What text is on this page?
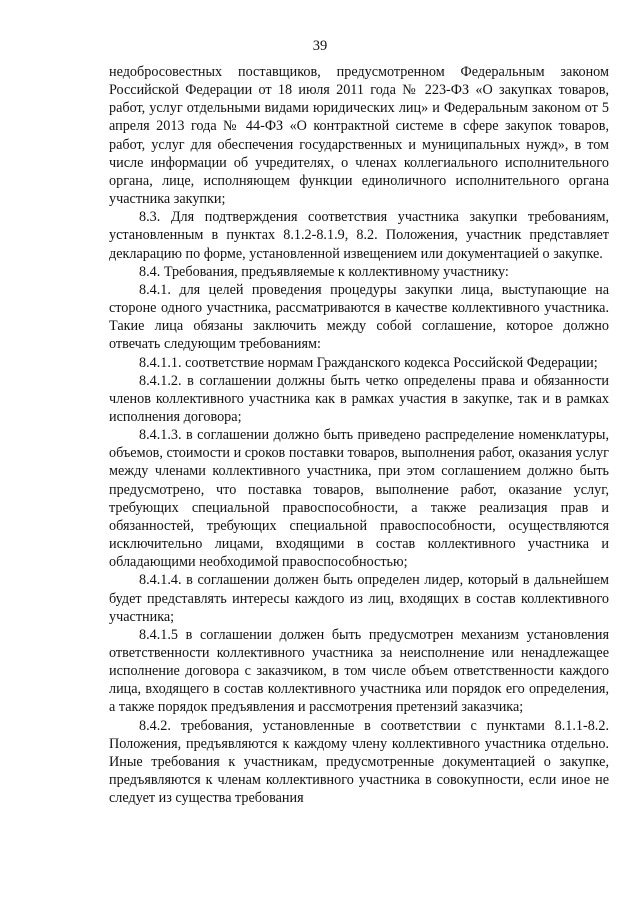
39

недобросовестных поставщиков, предусмотренном Федеральным законом Российской Федерации от 18 июля 2011 года № 223-ФЗ «О закупках товаров, работ, услуг отдельными видами юридических лиц» и Федеральным законом от 5 апреля 2013 года № 44-ФЗ «О контрактной системе в сфере закупок товаров, работ, услуг для обеспечения государственных и муниципальных нужд», в том числе информации об учредителях, о членах коллегиального исполнительного органа, лице, исполняющем функции единоличного исполнительного органа участника закупки;

8.3. Для подтверждения соответствия участника закупки требованиям, установленным в пунктах 8.1.2-8.1.9, 8.2. Положения, участник представляет декларацию по форме, установленной извещением или документацией о закупке.

8.4. Требования, предъявляемые к коллективному участнику:

8.4.1. для целей проведения процедуры закупки лица, выступающие на стороне одного участника, рассматриваются в качестве коллективного участника. Такие лица обязаны заключить между собой соглашение, которое должно отвечать следующим требованиям:

8.4.1.1. соответствие нормам Гражданского кодекса Российской Федерации;

8.4.1.2. в соглашении должны быть четко определены права и обязанности членов коллективного участника как в рамках участия в закупке, так и в рамках исполнения договора;

8.4.1.3. в соглашении должно быть приведено распределение номенклатуры, объемов, стоимости и сроков поставки товаров, выполнения работ, оказания услуг между членами коллективного участника, при этом соглашением должно быть предусмотрено, что поставка товаров, выполнение работ, оказание услуг, требующих специальной правоспособности, а также реализация прав и обязанностей, требующих специальной правоспособности, осуществляются исключительно лицами, входящими в состав коллективного участника и обладающими необходимой правоспособностью;

8.4.1.4. в соглашении должен быть определен лидер, который в дальнейшем будет представлять интересы каждого из лиц, входящих в состав коллективного участника;

8.4.1.5 в соглашении должен быть предусмотрен механизм установления ответственности коллективного участника за неисполнение или ненадлежащее исполнение договора с заказчиком, в том числе объем ответственности каждого лица, входящего в состав коллективного участника или порядок его определения, а также порядок предъявления и рассмотрения претензий заказчика;

8.4.2. требования, установленные в соответствии с пунктами 8.1.1-8.2. Положения, предъявляются к каждому члену коллективного участника отдельно. Иные требования к участникам, предусмотренные документацией о закупке, предъявляются к членам коллективного участника в совокупности, если иное не следует из существа требования
